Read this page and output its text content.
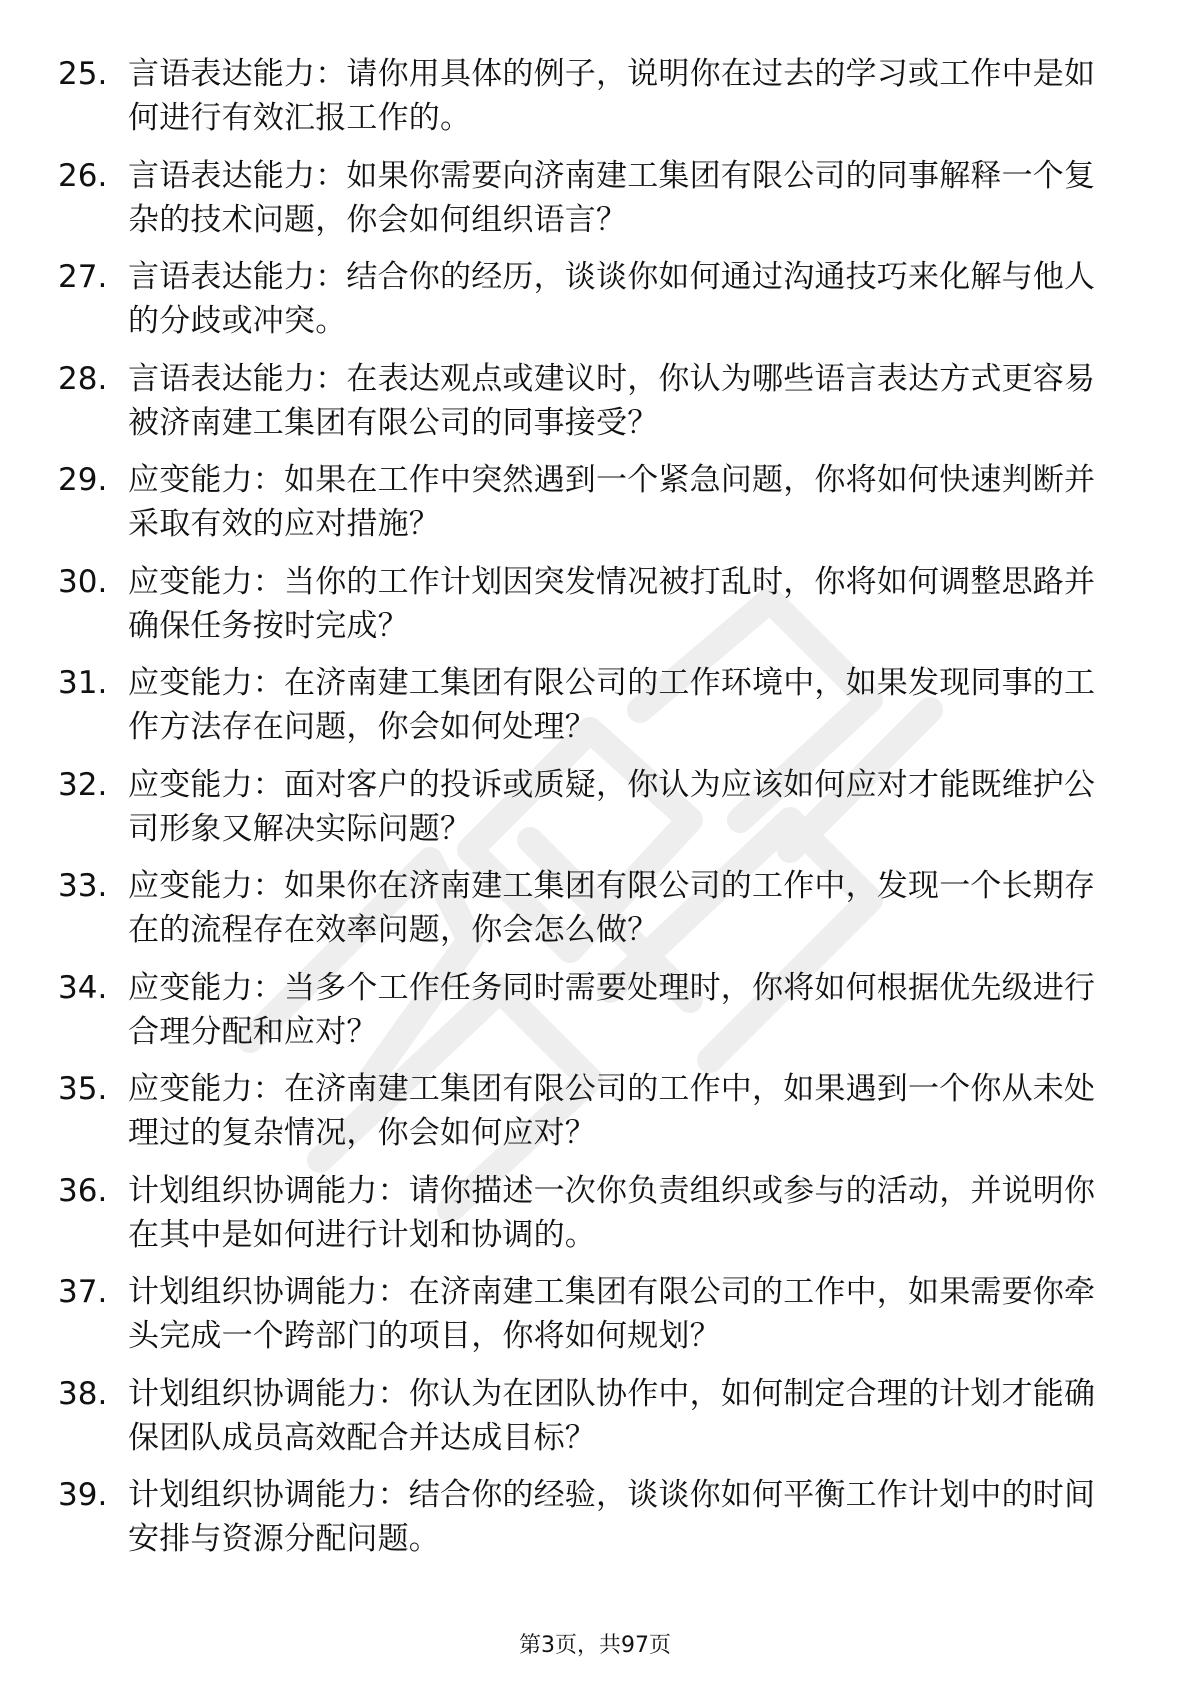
25. 言语表达能力：请你用具体的例子，说明你在过去的学习或工作中是如何进行有效汇报工作的。
26. 言语表达能力：如果你需要向济南建工集团有限公司的同事解释一个复杂的技术问题，你会如何组织语言？
27. 言语表达能力：结合你的经历，谈谈你如何通过沟通技巧来化解与他人的分歧或冲突。
28. 言语表达能力：在表达观点或建议时，你认为哪些语言表达方式更容易被济南建工集团有限公司的同事接受？
29. 应变能力：如果在工作中突然遇到一个紧急问题，你将如何快速判断并采取有效的应对措施？
30. 应变能力：当你的工作计划因突发情况被打乱时，你将如何调整思路并确保任务按时完成？
31. 应变能力：在济南建工集团有限公司的工作环境中，如果发现同事的工作方法存在问题，你会如何处理？
32. 应变能力：面对客户的投诉或质疑，你认为应该如何应对才能既维护公司形象又解决实际问题？
33. 应变能力：如果你在济南建工集团有限公司的工作中，发现一个长期存在的流程存在效率问题，你会怎么做？
34. 应变能力：当多个工作任务同时需要处理时，你将如何根据优先级进行合理分配和应对？
35. 应变能力：在济南建工集团有限公司的工作中，如果遇到一个你从未处理过的复杂情况，你会如何应对？
36. 计划组织协调能力：请你描述一次你负责组织或参与的活动，并说明你在其中是如何进行计划和协调的。
37. 计划组织协调能力：在济南建工集团有限公司的工作中，如果需要你牵头完成一个跨部门的项目，你将如何规划？
38. 计划组织协调能力：你认为在团队协作中，如何制定合理的计划才能确保团队成员高效配合并达成目标？
39. 计划组织协调能力：结合你的经验，谈谈你如何平衡工作计划中的时间安排与资源分配问题。
第3页，共97页
